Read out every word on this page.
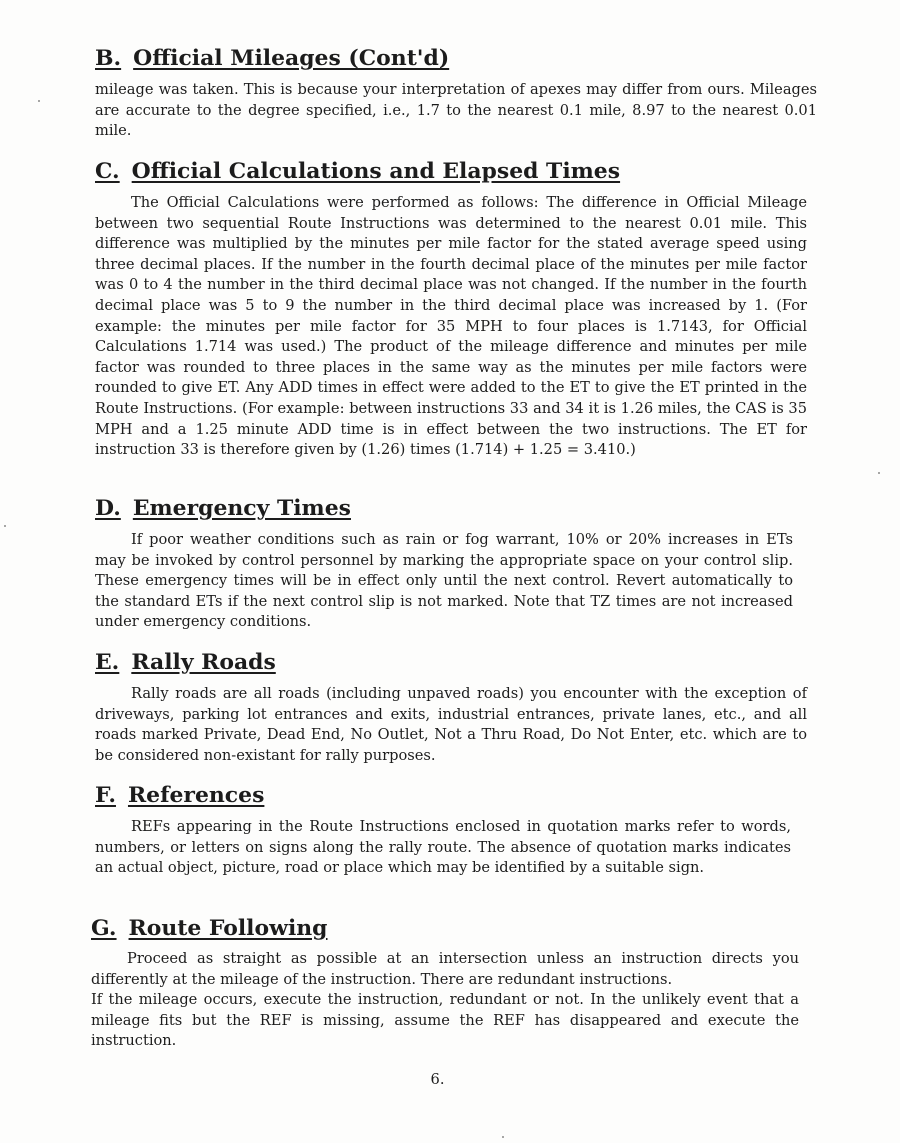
B. Official Mileages (Cont'd)

mileage was taken. This is because your interpretation of apexes may differ from ours. Mileages are accurate to the degree specified, i.e., 1.7 to the nearest 0.1 mile, 8.97 to the nearest 0.01 mile.

C. Official Calculations and Elapsed Times

The Official Calculations were performed as follows: The difference in Official Mileage between two sequential Route Instructions was determined to the nearest 0.01 mile. This difference was multiplied by the minutes per mile factor for the stated average speed using three decimal places. If the number in the fourth decimal place of the minutes per mile factor was 0 to 4 the number in the third decimal place was not changed. If the number in the fourth decimal place was 5 to 9 the number in the third decimal place was increased by 1. (For example: the minutes per mile factor for 35 MPH to four places is 1.7143, for Official Calculations 1.714 was used.) The product of the mileage difference and minutes per mile factor was rounded to three places in the same way as the minutes per mile factors were rounded to give ET. Any ADD times in effect were added to the ET to give the ET printed in the Route Instructions. (For example: between instructions 33 and 34 it is 1.26 miles, the CAS is 35 MPH and a 1.25 minute ADD time is in effect between the two instructions. The ET for instruction 33 is therefore given by (1.26) times (1.714) + 1.25 = 3.410.)

D. Emergency Times

If poor weather conditions such as rain or fog warrant, 10% or 20% increases in ETs may be invoked by control personnel by marking the appropriate space on your control slip. These emergency times will be in effect only until the next control. Revert automatically to the standard ETs if the next control slip is not marked. Note that TZ times are not increased under emergency conditions.

E. Rally Roads

Rally roads are all roads (including unpaved roads) you encounter with the exception of driveways, parking lot entrances and exits, industrial entrances, private lanes, etc., and all roads marked Private, Dead End, No Outlet, Not a Thru Road, Do Not Enter, etc. which are to be considered non-existant for rally purposes.

F. References

REFs appearing in the Route Instructions enclosed in quotation marks refer to words, numbers, or letters on signs along the rally route. The absence of quotation marks indicates an actual object, picture, road or place which may be identified by a suitable sign.

G. Route Following

Proceed as straight as possible at an intersection unless an instruction directs you differently at the mileage of the instruction. There are redundant instructions.

If the mileage occurs, execute the instruction, redundant or not. In the unlikely event that a mileage fits but the REF is missing, assume the REF has disappeared and execute the instruction.

6.
